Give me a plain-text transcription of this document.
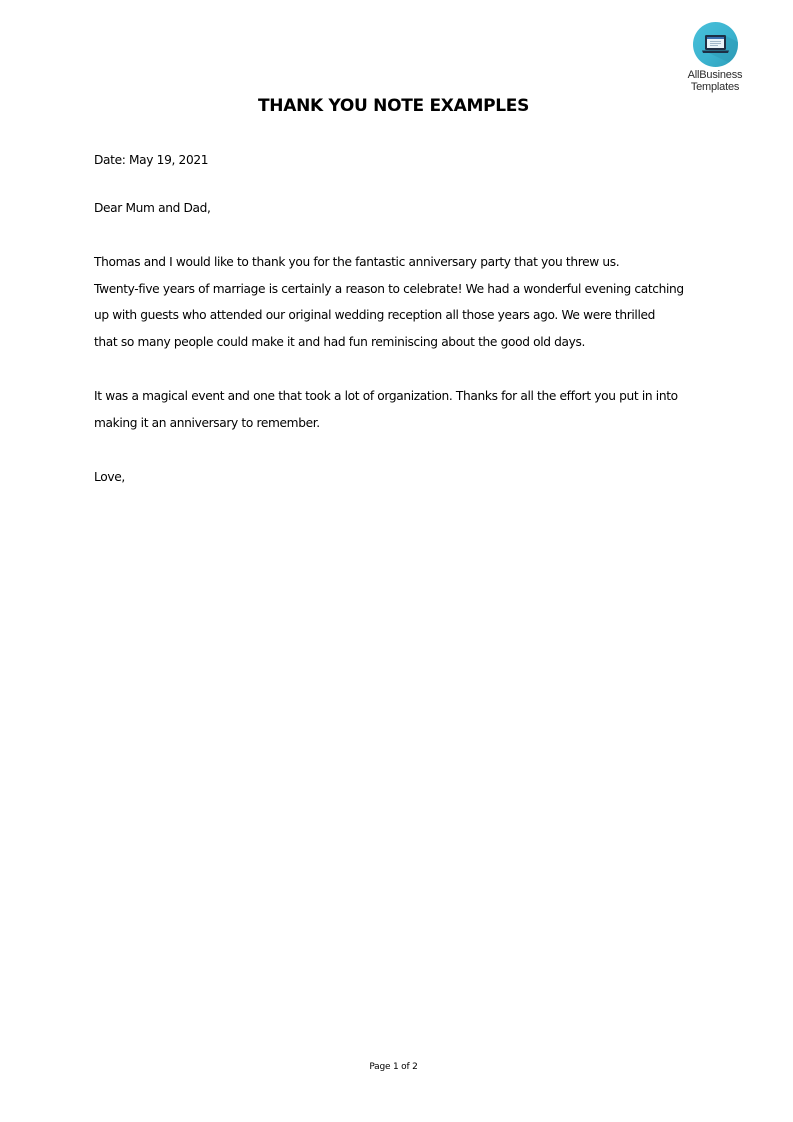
AllBusiness
Templates
THANK YOU NOTE EXAMPLES
Date: May 19, 2021
Dear Mum and Dad,
Thomas and I would like to thank you for the fantastic anniversary party that you threw us.
Twenty-five years of marriage is certainly a reason to celebrate! We had a wonderful evening catching
up with guests who attended our original wedding reception all those years ago. We were thrilled
that so many people could make it and had fun reminiscing about the good old days.
It was a magical event and one that took a lot of organization. Thanks for all the effort you put in into
making it an anniversary to remember.
Love,
Page 1 of 2
